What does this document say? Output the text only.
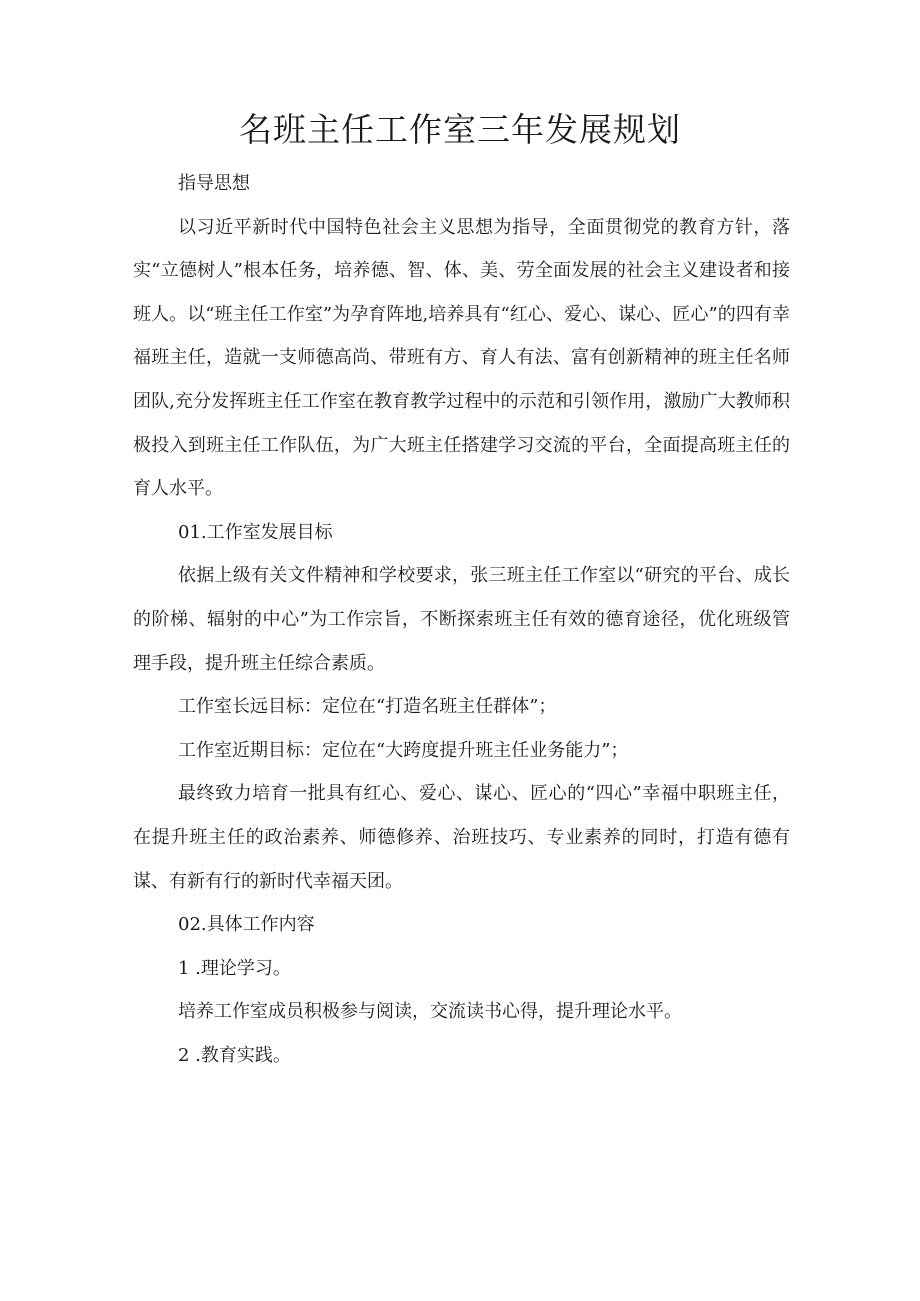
名班主任工作室三年发展规划

指导思想

以习近平新时代中国特色社会主义思想为指导，全面贯彻党的教育方针，落实“立德树人”根本任务，培养德、智、体、美、劳全面发展的社会主义建设者和接班人。以“班主任工作室”为孕育阵地,培养具有“红心、爱心、谋心、匠心”的四有幸福班主任，造就一支师德高尚、带班有方、育人有法、富有创新精神的班主任名师团队,充分发挥班主任工作室在教育教学过程中的示范和引领作用，激励广大教师积极投入到班主任工作队伍，为广大班主任搭建学习交流的平台，全面提高班主任的育人水平。

01.工作室发展目标

依据上级有关文件精神和学校要求，张三班主任工作室以“研究的平台、成长的阶梯、辐射的中心”为工作宗旨，不断探索班主任有效的德育途径，优化班级管理手段，提升班主任综合素质。

工作室长远目标：定位在“打造名班主任群体”；

工作室近期目标：定位在“大跨度提升班主任业务能力”；

最终致力培育一批具有红心、爱心、谋心、匠心的“四心”幸福中职班主任，在提升班主任的政治素养、师德修养、治班技巧、专业素养的同时，打造有德有谋、有新有行的新时代幸福天团。

02.具体工作内容

1 .理论学习。

培养工作室成员积极参与阅读，交流读书心得，提升理论水平。

2 .教育实践。
